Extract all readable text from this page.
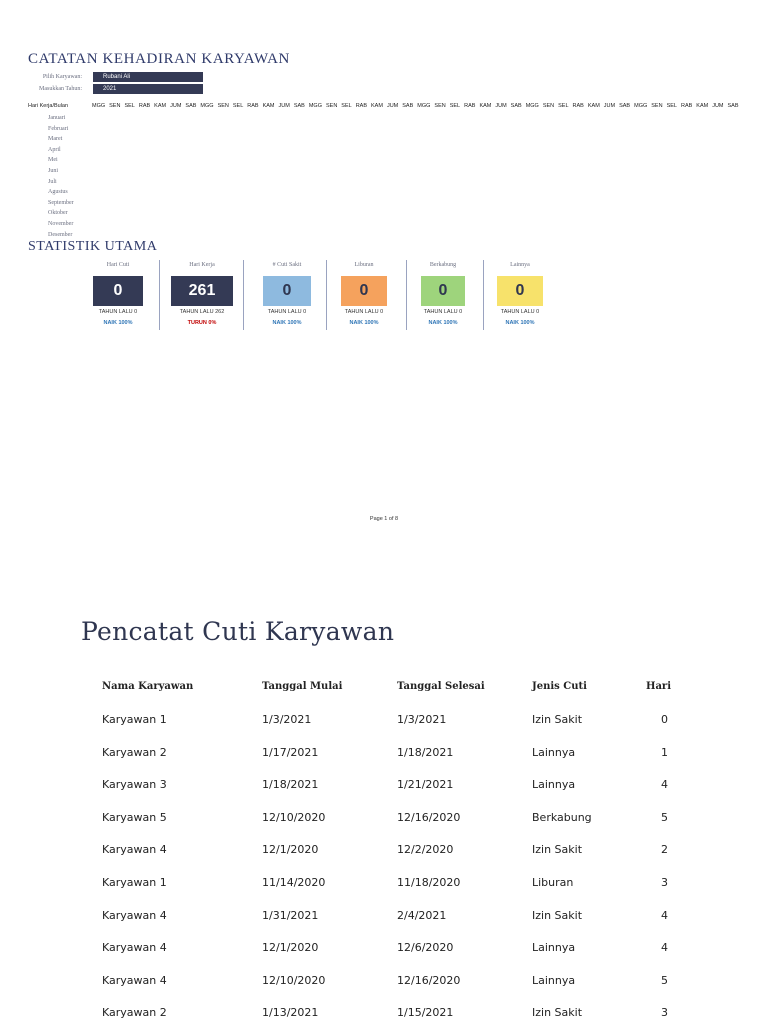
CATATAN KEHADIRAN KARYAWAN
Pilih Karyawan:	Rubani Ali
Masukkan Tahun:	2021
Hari Kerja/Bulan	MGG SEN SEL RAB KAM JUM SAB MGG SEN SEL RAB KAM JUM SAB MGG SEN SEL RAB KAM JUM SAB MGG SEN SEL RAB KAM JUM SAB MGG SEN SEL RAB KAM JUM SAB MGG SEN SEL RAB KAM JUM SAB
Januari
Februari
Maret
April
Mei
Juni
Juli
Agustus
September
Oktober
November
Desember
STATISTIK UTAMA
Hari Cuti
0
TAHUN LALU 0
NAIK 100%
Hari Kerja
261
TAHUN LALU 262
TURUN 0%
# Cuti Sakit
0
TAHUN LALU 0
NAIK 100%
Liburan
0
TAHUN LALU 0
NAIK 100%
Berkabung
0
TAHUN LALU 0
NAIK 100%
Lainnya
0
TAHUN LALU 0
NAIK 100%
Page 1 of 8
Pencatat Cuti Karyawan
Nama Karyawan	Tanggal Mulai	Tanggal Selesai	Jenis Cuti	Hari
Karyawan 1	1/3/2021	1/3/2021	Izin Sakit	0
Karyawan 2	1/17/2021	1/18/2021	Lainnya	1
Karyawan 3	1/18/2021	1/21/2021	Lainnya	4
Karyawan 5	12/10/2020	12/16/2020	Berkabung	5
Karyawan 4	12/1/2020	12/2/2020	Izin Sakit	2
Karyawan 1	11/14/2020	11/18/2020	Liburan	3
Karyawan 4	1/31/2021	2/4/2021	Izin Sakit	4
Karyawan 4	12/1/2020	12/6/2020	Lainnya	4
Karyawan 4	12/10/2020	12/16/2020	Lainnya	5
Karyawan 2	1/13/2021	1/15/2021	Izin Sakit	3
